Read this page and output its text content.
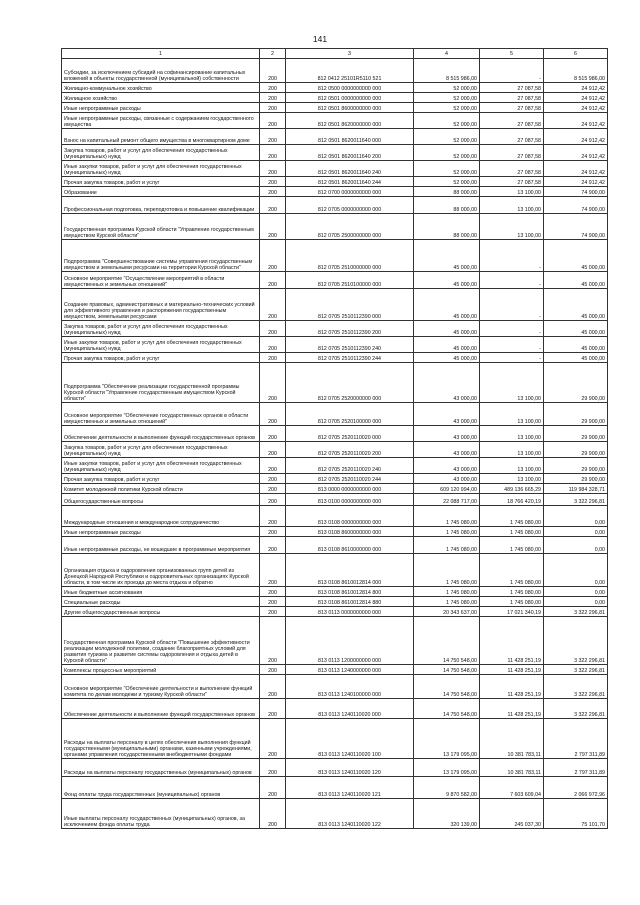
141
1	2	3	4	5	6
Субсидии, за исключением субсидий на софинансирование капитальных вложений в объекты государственной (муниципальной) собственности	200	812 0412 25101R5110 521	8 515 986,00	-	8 515 986,00
Жилищно-коммунальное хозяйство	200	812 0500 0000000000 000	52 000,00	27 087,58	24 912,42
Жилищное хозяйство	200	812 0501 0000000000 000	52 000,00	27 087,58	24 912,42
Иные непрограммные расходы	200	812 0501 8600000000 000	52 000,00	27 087,58	24 912,42
Иные непрограммные расходы, связанные с содержанием государственного имущества	200	812 0501 8620000000 000	52 000,00	27 087,58	24 912,42
Взнос на капитальный ремонт общего имущества в многоквартирном доме	200	812 0501 8620011640 000	52 000,00	27 087,58	24 912,42
Закупка товаров, работ и услуг для обеспечения государственных (муниципальных) нужд	200	812 0501 8620011640 200	52 000,00	27 087,58	24 912,42
Иные закупки товаров, работ и услуг для обеспечения государственных (муниципальных) нужд	200	812 0501 8620011640 240	52 000,00	27 087,58	24 912,42
Прочая закупка товаров, работ и услуг	200	812 0501 8620011640 244	52 000,00	27 087,58	24 912,42
Образование	200	812 0700 0000000000 000	88 000,00	13 100,00	74 900,00
Профессиональная подготовка, переподготовка и повышение квалификации	200	812 0705 0000000000 000	88 000,00	13 100,00	74 900,00
Государственная программа Курской области "Управление государственным имуществом Курской области"	200	812 0705 2500000000 000	88 000,00	13 100,00	74 900,00
Подпрограмма "Совершенствование системы управления государственным имуществом и земельными ресурсами на территории Курской области"	200	812 0705 2510000000 000	45 000,00	-	45 000,00
Основное мероприятие "Осуществление мероприятий в области имущественных и земельных отношений"	200	812 0705 2510100000 000	45 000,00	-	45 000,00
Создание правовых, административных и материально-технических условий для эффективного управления и распоряжения государственным имуществом, земельными ресурсами	200	812 0705 2510112390 000	45 000,00	-	45 000,00
Закупка товаров, работ и услуг для обеспечения государственных (муниципальных) нужд	200	812 0705 2510112390 200	45 000,00	-	45 000,00
Иные закупки товаров, работ и услуг для обеспечения государственных (муниципальных) нужд	200	812 0705 2510112390 240	45 000,00	-	45 000,00
Прочая закупка товаров, работ и услуг	200	812 0705 2510112390 244	45 000,00	-	45 000,00
Подпрограмма "Обеспечение реализации государственной программы Курской области "Управление государственным имуществом Курской области"	200	812 0705 2520000000 000	43 000,00	13 100,00	29 900,00
Основное мероприятие "Обеспечение государственных органов в области имущественных и земельных отношений"	200	812 0705 2520100000 000	43 000,00	13 100,00	29 900,00
Обеспечение деятельности и выполнение функций государственных органов	200	812 0705 2520110020 000	43 000,00	13 100,00	29 900,00
Закупка товаров, работ и услуг для обеспечения государственных (муниципальных) нужд	200	812 0705 2520110020 200	43 000,00	13 100,00	29 900,00
Иные закупки товаров, работ и услуг для обеспечения государственных (муниципальных) нужд	200	812 0705 2520110020 240	43 000,00	13 100,00	29 900,00
Прочая закупка товаров, работ и услуг	200	812 0705 2520110020 244	43 000,00	13 100,00	29 900,00
Комитет молодежной политики Курской области	200	813 0000 0000000000 000	609 120 994,00	489 136 665,29	119 984 328,71
Общегосударственные вопросы	200	813 0100 0000000000 000	22 088 717,00	18 766 420,19	3 322 296,81
Международные отношения и международное сотрудничество	200	813 0108 0000000000 000	1 745 080,00	1 745 080,00	0,00
Иные непрограммные расходы	200	813 0108 8600000000 000	1 745 080,00	1 745 080,00	0,00
Иные непрограммные расходы, не вошедшие в программные мероприятия	200	813 0108 8610000000 000	1 745 080,00	1 745 080,00	0,00
Организация отдыха и оздоровления организованных групп детей из Донецкой Народной Республики и оздоровительных организациях Курской области, в том числе их проезда до места отдыха и обратно	200	813 0108 8610012814 000	1 745 080,00	1 745 080,00	0,00
Иные бюджетные ассигнования	200	813 0108 8610012814 800	1 745 080,00	1 745 080,00	0,00
Специальные расходы	200	813 0108 8610012814 880	1 745 080,00	1 745 080,00	0,00
Другие общегосударственные вопросы	200	813 0113 0000000000 000	20 343 637,00	17 021 340,19	3 322 296,81
Государственная программа Курской области "Повышение эффективности реализации молодежной политики, создание благоприятных условий для развития туризма и развитие системы оздоровления и отдыха детей в Курской области"	200	813 0113 1200000000 000	14 750 548,00	11 428 251,19	3 322 296,81
Комплексы процессных мероприятий	200	813 0113 1240000000 000	14 750 548,00	11 428 251,19	3 322 296,81
Основное мероприятие "Обеспечение деятельности и выполнение функций комитета по делам молодежи и туризму Курской области"	200	813 0113 1240100000 000	14 750 548,00	11 428 251,19	3 322 296,81
Обеспечение деятельности и выполнение функций государственных органов	200	813 0113 1240110020 000	14 750 548,00	11 428 251,19	3 322 296,81
Расходы на выплаты персоналу в целях обеспечения выполнения функций государственными (муниципальными) органами, казенными учреждениями, органами управления государственными внебюджетными фондами	200	813 0113 1240110020 100	13 179 095,00	10 381 783,11	2 797 311,89
Расходы на выплаты персоналу государственных (муниципальных) органов	200	813 0113 1240110020 120	13 179 095,00	10 381 783,11	2 797 311,89
Фонд оплаты труда государственных (муниципальных) органов	200	813 0113 1240110020 121	9 870 582,00	7 603 609,04	2 066 972,96
Иные выплаты персоналу государственных (муниципальных) органов, за исключением фонда оплаты труда	200	813 0113 1240110020 122	320 139,00	245 037,30	75 101,70
